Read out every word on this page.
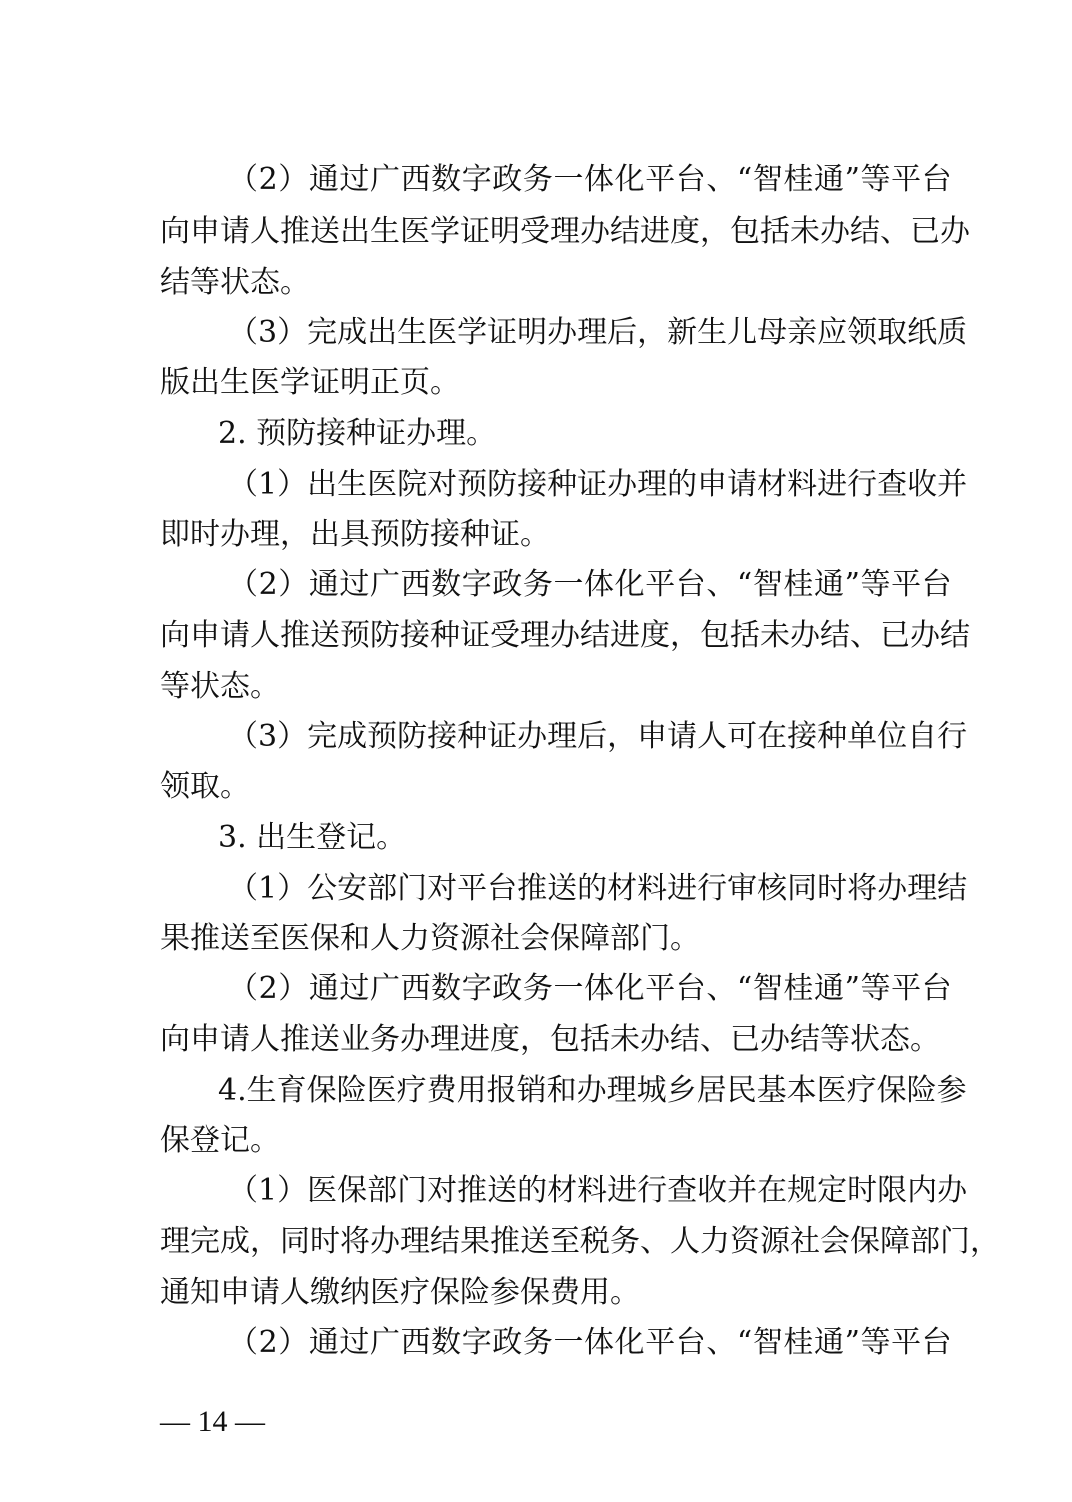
（ 2 ） 通 过 广 西 数 字 政 务 一 体 化 平 台 、 “ 智 桂 通 ” 等 平 台
向 申 请 人 推 送 出 生 医 学 证 明 受 理 办 结 进 度 ， 包 括 未 办 结 、 已 办
结等状态。
（ 3 ） 完 成 出 生 医 学 证 明 办 理 后 ， 新 生 儿 母 亲 应 领 取 纸 质
版出生医学证明正页。
2. 预防接种证办理。
（ 1 ） 出 生 医 院 对 预 防 接 种 证 办 理 的 申 请 材 料 进 行 查 收 并
即时办理，出具预防接种证。
（ 2 ） 通 过 广 西 数 字 政 务 一 体 化 平 台 、 “ 智 桂 通 ” 等 平 台
向 申 请 人 推 送 预 防 接 种 证 受 理 办 结 进 度 ， 包 括 未 办 结 、 已 办 结
等状态。
（ 3 ） 完 成 预 防 接 种 证 办 理 后 ， 申 请 人 可 在 接 种 单 位 自 行
领取。
3. 出生登记。
（ 1 ） 公 安 部 门 对 平 台 推 送 的 材 料 进 行 审 核 同 时 将 办 理 结
果推送至医保和人力资源社会保障部门。
（ 2 ） 通 过 广 西 数 字 政 务 一 体 化 平 台 、 “ 智 桂 通 ” 等 平 台
向 申 请 人 推 送 业 务 办 理 进 度 ， 包 括 未 办 结 、 已 办 结 等 状 态 。
4 . 生 育 保 险 医 疗 费 用 报 销 和 办 理 城 乡 居 民 基 本 医 疗 保 险 参
保登记。
（ 1 ） 医 保 部 门 对 推 送 的 材 料 进 行 查 收 并 在 规 定 时 限 内 办
理 完 成 ， 同 时 将 办 理 结 果 推 送 至 税 务 、 人 力 资 源 社 会 保 障 部 门 ，
通知申请人缴纳医疗保险参保费用。
（ 2 ） 通 过 广 西 数 字 政 务 一 体 化 平 台 、 “ 智 桂 通 ” 等 平 台
— 14 —
